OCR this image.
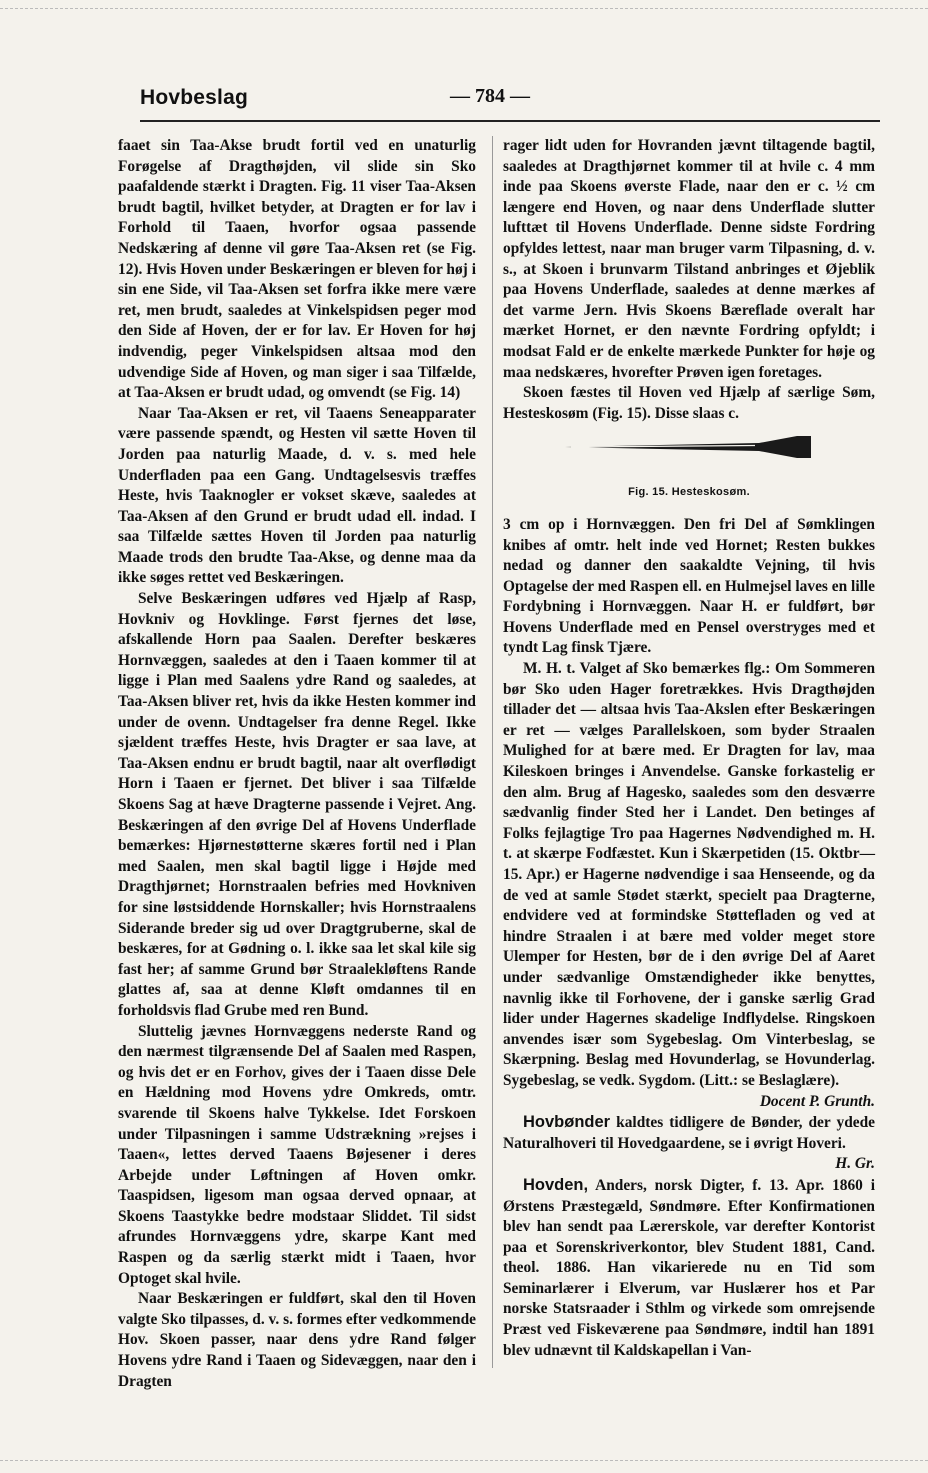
Hovbeslag	— 784 —

faaet sin Taa-Akse brudt fortil ved en unaturlig Forøgelse af Dragthøjden, vil slide sin Sko paafaldende stærkt i Dragten. Fig. 11 viser Taa-Aksen brudt bagtil, hvilket betyder, at Dragten er for lav i Forhold til Taaen, hvorfor ogsaa passende Nedskæring af denne vil gøre Taa-Aksen ret (se Fig. 12). Hvis Hoven under Beskæringen er bleven for høj i sin ene Side, vil Taa-Aksen set forfra ikke mere være ret, men brudt, saaledes at Vinkelspidsen peger mod den Side af Hoven, der er for lav. Er Hoven for høj indvendig, peger Vinkelspidsen altsaa mod den udvendige Side af Hoven, og man siger i saa Tilfælde, at Taa-Aksen er brudt udad, og omvendt (se Fig. 14)

Naar Taa-Aksen er ret, vil Taaens Seneapparater være passende spændt, og Hesten vil sætte Hoven til Jorden paa naturlig Maade, d. v. s. med hele Underfladen paa een Gang. Undtagelsesvis træffes Heste, hvis Taaknogler er vokset skæve, saaledes at Taa-Aksen af den Grund er brudt udad ell. indad. I saa Tilfælde sættes Hoven til Jorden paa naturlig Maade trods den brudte Taa-Akse, og denne maa da ikke søges rettet ved Beskæringen.

Selve Beskæringen udføres ved Hjælp af Rasp, Hovkniv og Hovklinge. Først fjernes det løse, afskallende Horn paa Saalen. Derefter beskæres Hornvæggen, saaledes at den i Taaen kommer til at ligge i Plan med Saalens ydre Rand og saaledes, at Taa-Aksen bliver ret, hvis da ikke Hesten kommer ind under de ovenn. Undtagelser fra denne Regel. Ikke sjældent træffes Heste, hvis Dragter er saa lave, at Taa-Aksen endnu er brudt bagtil, naar alt overflødigt Horn i Taaen er fjernet. Det bliver i saa Tilfælde Skoens Sag at hæve Dragterne passende i Vejret. Ang. Beskæringen af den øvrige Del af Hovens Underflade bemærkes: Hjørnestøtterne skæres fortil ned i Plan med Saalen, men skal bagtil ligge i Højde med Dragthjørnet; Hornstraalen befries med Hovkniven for sine løstsiddende Hornskaller; hvis Hornstraalens Siderande breder sig ud over Dragtgruberne, skal de beskæres, for at Gødning o. l. ikke saa let skal kile sig fast her; af samme Grund bør Straalekløftens Rande glattes af, saa at denne Kløft omdannes til en forholdsvis flad Grube med ren Bund.

Sluttelig jævnes Hornvæggens nederste Rand og den nærmest tilgrænsende Del af Saalen med Raspen, og hvis det er en Forhov, gives der i Taaen disse Dele en Hældning mod Hovens ydre Omkreds, omtr. svarende til Skoens halve Tykkelse. Idet Forskoen under Tilpasningen i samme Udstrækning »rejses i Taaen«, lettes derved Taaens Bøjesener i deres Arbejde under Løftningen af Hoven omkr. Taaspidsen, ligesom man ogsaa derved opnaar, at Skoens Taastykke bedre modstaar Sliddet. Til sidst afrundes Hornvæggens ydre, skarpe Kant med Raspen og da særlig stærkt midt i Taaen, hvor Optoget skal hvile.

Naar Beskæringen er fuldført, skal den til Hoven valgte Sko tilpasses, d. v. s. formes efter vedkommende Hov. Skoen passer, naar dens ydre Rand følger Hovens ydre Rand i Taaen og Sidevæggen, naar den i Dragten

rager lidt uden for Hovranden jævnt tiltagende bagtil, saaledes at Dragthjørnet kommer til at hvile c. 4 mm inde paa Skoens øverste Flade, naar den er c. ½ cm længere end Hoven, og naar dens Underflade slutter lufttæt til Hovens Underflade. Denne sidste Fordring opfyldes lettest, naar man bruger varm Tilpasning, d. v. s., at Skoen i brunvarm Tilstand anbringes et Øjeblik paa Hovens Underflade, saaledes at denne mærkes af det varme Jern. Hvis Skoens Bæreflade overalt har mærket Hornet, er den nævnte Fordring opfyldt; i modsat Fald er de enkelte mærkede Punkter for høje og maa nedskæres, hvorefter Prøven igen foretages.

Skoen fæstes til Hoven ved Hjælp af særlige Søm, Hesteskosøm (Fig. 15). Disse slaas c.

Fig. 15. Hesteskosøm.

3 cm op i Hornvæggen. Den fri Del af Sømklingen knibes af omtr. helt inde ved Hornet; Resten bukkes nedad og danner den saakaldte Vejning, til hvis Optagelse der med Raspen ell. en Hulmejsel laves en lille Fordybning i Hornvæggen. Naar H. er fuldført, bør Hovens Underflade med en Pensel overstryges med et tyndt Lag finsk Tjære.

M. H. t. Valget af Sko bemærkes flg.: Om Sommeren bør Sko uden Hager foretrækkes. Hvis Dragthøjden tillader det — altsaa hvis Taa-Akslen efter Beskæringen er ret — vælges Parallelskoen, som byder Straalen Mulighed for at bære med. Er Dragten for lav, maa Kileskoen bringes i Anvendelse. Ganske forkastelig er den alm. Brug af Hagesko, saaledes som den desværre sædvanlig finder Sted her i Landet. Den betinges af Folks fejlagtige Tro paa Hagernes Nødvendighed m. H. t. at skærpe Fodfæstet. Kun i Skærpetiden (15. Oktbr—15. Apr.) er Hagerne nødvendige i saa Henseende, og da de ved at samle Stødet stærkt, specielt paa Dragterne, endvidere ved at formindske Støttefladen og ved at hindre Straalen i at bære med volder meget store Ulemper for Hesten, bør de i den øvrige Del af Aaret under sædvanlige Omstændigheder ikke benyttes, navnlig ikke til Forhovene, der i ganske særlig Grad lider under Hagernes skadelige Indflydelse. Ringskoen anvendes især som Sygebeslag. Om Vinterbeslag, se Skærpning. Beslag med Hovunderlag, se Hovunderlag. Sygebeslag, se vedk. Sygdom. (Litt.: se Beslaglære).
Docent P. Grunth.

Hovbønder kaldtes tidligere de Bønder, der ydede Naturalhoveri til Hovedgaardene, se i øvrigt Hoveri.
H. Gr.

Hovden, Anders, norsk Digter, f. 13. Apr. 1860 i Ørstens Præstegæld, Søndmøre. Efter Konfirmationen blev han sendt paa Lærerskole, var derefter Kontorist paa et Sorenskriverkontor, blev Student 1881, Cand. theol. 1886. Han vikarierede nu en Tid som Seminarlærer i Elverum, var Huslærer hos et Par norske Statsraader i Sthlm og virkede som omrejsende Præst ved Fiskeværene paa Søndmøre, indtil han 1891 blev udnævnt til Kaldskapellan i Van-
